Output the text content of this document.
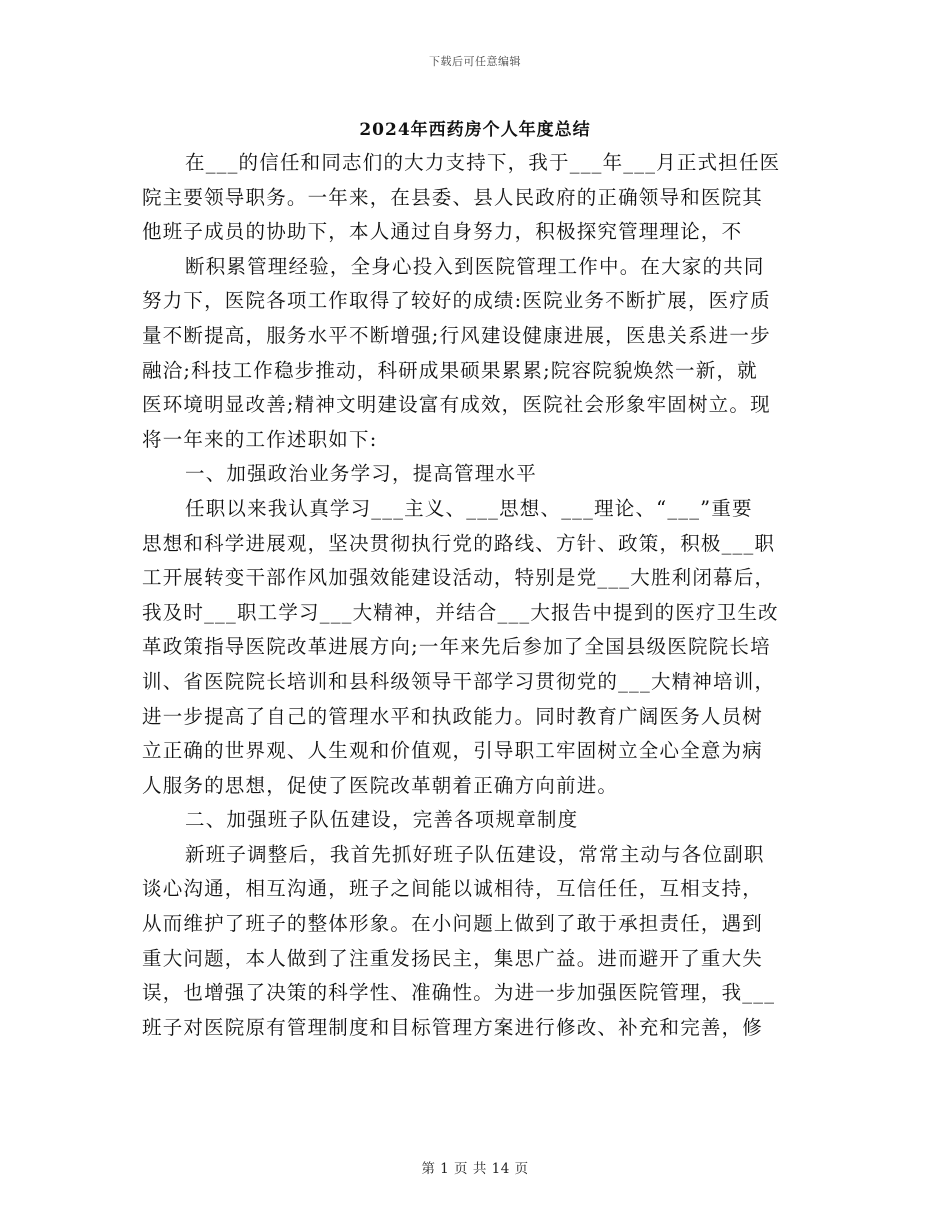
下载后可任意编辑
2024年西药房个人年度总结
在___的信任和同志们的大力支持下，我于___年___月正式担任医
院主要领导职务。一年来，在县委、县人民政府的正确领导和医院其
他班子成员的协助下，本人通过自身努力，积极探究管理理论，不
断积累管理经验，全身心投入到医院管理工作中。在大家的共同
努力下，医院各项工作取得了较好的成绩:医院业务不断扩展，医疗质
量不断提高，服务水平不断增强;行风建设健康进展，医患关系进一步
融洽;科技工作稳步推动，科研成果硕果累累;院容院貌焕然一新，就
医环境明显改善;精神文明建设富有成效，医院社会形象牢固树立。现
将一年来的工作述职如下:
一、加强政治业务学习，提高管理水平
任职以来我认真学习___主义、___思想、___理论、“___”重要
思想和科学进展观，坚决贯彻执行党的路线、方针、政策，积极___职
工开展转变干部作风加强效能建设活动，特别是党___大胜利闭幕后，
我及时___职工学习___大精神，并结合___大报告中提到的医疗卫生改
革政策指导医院改革进展方向;一年来先后参加了全国县级医院院长培
训、省医院院长培训和县科级领导干部学习贯彻党的___大精神培训，
进一步提高了自己的管理水平和执政能力。同时教育广阔医务人员树
立正确的世界观、人生观和价值观，引导职工牢固树立全心全意为病
人服务的思想，促使了医院改革朝着正确方向前进。
二、加强班子队伍建设，完善各项规章制度
新班子调整后，我首先抓好班子队伍建设，常常主动与各位副职
谈心沟通，相互沟通，班子之间能以诚相待，互信任任，互相支持，
从而维护了班子的整体形象。在小问题上做到了敢于承担责任，遇到
重大问题，本人做到了注重发扬民主，集思广益。进而避开了重大失
误，也增强了决策的科学性、准确性。为进一步加强医院管理，我___
班子对医院原有管理制度和目标管理方案进行修改、补充和完善，修
第 1 页 共 14 页
